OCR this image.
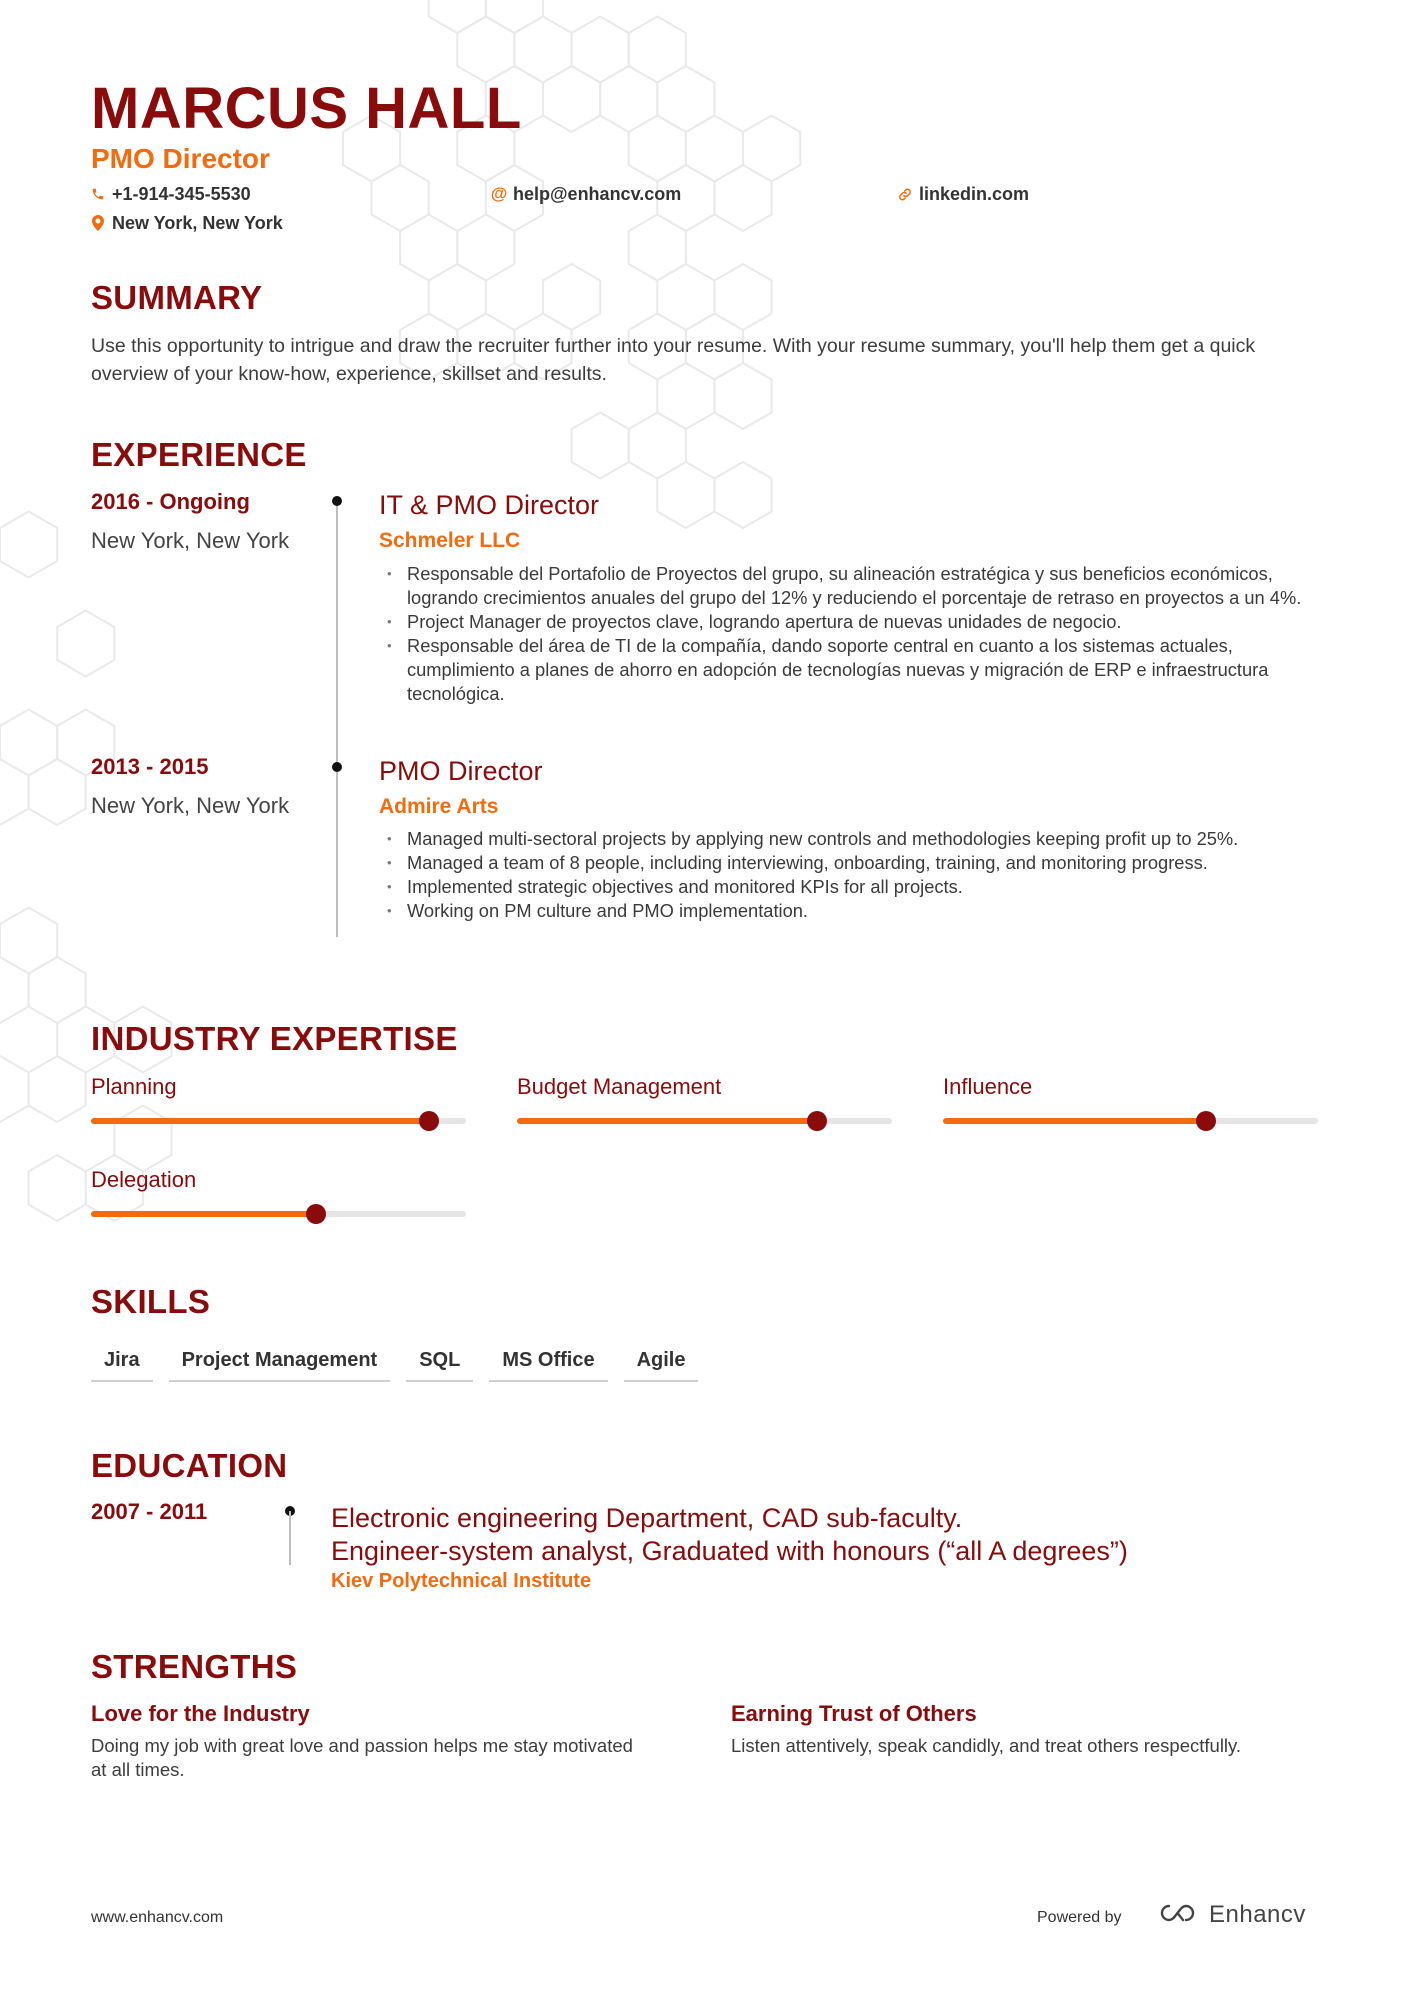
MARCUS HALL
PMO Director
+1-914-345-5530	@ help@enhancv.com	linkedin.com
New York, New York
SUMMARY

Use this opportunity to intrigue and draw the recruiter further into your resume. With your resume summary, you'll help them get a quick overview of your know-how, experience, skillset and results.

EXPERIENCE
2016 - Ongoing
New York, New York
IT & PMO Director
Schmeler LLC
• Responsable del Portafolio de Proyectos del grupo, su alineación estratégica y sus beneficios económicos, logrando crecimientos anuales del grupo del 12% y reduciendo el porcentaje de retraso en proyectos a un 4%.
• Project Manager de proyectos clave, logrando apertura de nuevas unidades de negocio.
• Responsable del área de TI de la compañía, dando soporte central en cuanto a los sistemas actuales, cumplimiento a planes de ahorro en adopción de tecnologías nuevas y migración de ERP e infraestructura tecnológica.
2013 - 2015
New York, New York
PMO Director
Admire Arts
• Managed multi-sectoral projects by applying new controls and methodologies keeping profit up to 25%.
• Managed a team of 8 people, including interviewing, onboarding, training, and monitoring progress.
• Implemented strategic objectives and monitored KPIs for all projects.
• Working on PM culture and PMO implementation.
INDUSTRY EXPERTISE
Planning	Budget Management	Influence
Delegation
SKILLS
Jira	Project Management	SQL	MS Office	Agile
EDUCATION
2007 - 2011	Electronic engineering Department, CAD sub-faculty.
Engineer-system analyst, Graduated with honours (“all A degrees”)

Kiev Polytechnical Institute
STRENGTHS
Love for the Industry

Doing my job with great love and passion helps me stay motivated at all times.

Earning Trust of Others

Listen attentively, speak candidly, and treat others respectfully.

www.enhancv.com	Powered by	Enhancv
